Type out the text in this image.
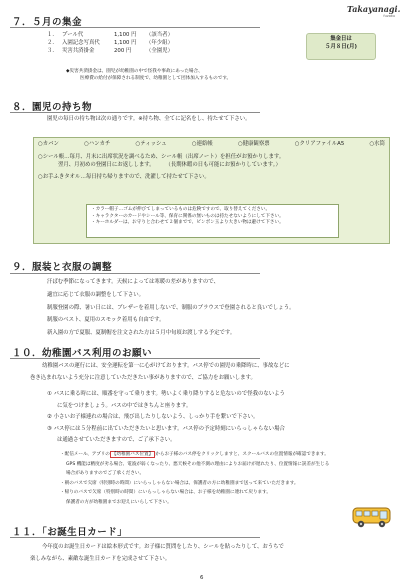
Takayanagi.
fuzoku
７．５月の集金
１． プール代	1,100 円	（該当者）
２． 入園記念写真代	1,100 円	（年少組）
３． 災害共済掛金	200 円	（全園児）
◆災害共済掛金は、園児が幼稚園の中で怪我や事故にあった場合、
医療費の給付が保障される制度で、幼稚園として団体加入するものです。
集金日は
５月８日(月)
８．園児の持ち物
園児の毎日の持ち物は次の通りです。※持ち物、全てに記名をし、持たせて下さい。
○カバン	○ハンカチ	○ティッシュ	○連絡帳	○健康観察票	○クリアファイルA5	○水筒
○シール帳…毎月、月末に出席状況を調べるため、シール帳（出席ノート）を担任がお預かりします。
翌月、月初めの登園日にお返しします。　　　（長期休暇の日も可能にお預かりしています。）
○お手ふきタオル…毎日持ち帰りますので、洗濯して持たせて下さい。
・カラー帽子…ゴムが伸びてしまっているものは危険ですので、取り替えてください。
・キャラクターのカードやシール等、保育に関係の無いものは持たせないようにして下さい。
・キーホルダーは、お守りと合わせて２個までで、ビンボン玉より大きい物は避けて下さい。
９．服装と衣服の調整
汗ばむ季節になってきます。天候によっては寒暖の差がありますので、
適宜に応じて衣服の調整をして下さい。
制服登園の際、暑い日には、ブレザーを着用しないで、制服のブラウスで登園されると良いでしょう。
制服のベスト、夏用のスモック着用も自由です。
新入園の方で夏服、夏制帽を注文された方は５月中旬頃お渡しする予定です。
１０．幼稚園バス利用のお願い
幼稚園バスの運行には、安全運転を第一に心がけております。バス停での園児の乗降時に、事故などに
巻き込まれないよう充分に注意していただきたい事がありますので、ご協力をお願いします。
① バスに乗る時には、順番を守って乗ります。勢いよく乗り降りすると危ないので怪我のないよう
に気をつけましょう。バスの中ではきちんと座ります。
② 小さいお子様連れの場合は、飛び出したりしないよう、しっかり手を繋いで下さい。
③ バス停には５分程前に出ていただきたいと思います。バス停の予定時刻にいらっしゃらない場合
は通過させていただきますので、ご了承下さい。
・配信メール、アプリの 【幼稚園バス位置】 からお子様のバス停をクリックしますと、スクールバスの位置情報が確認できます。
GPS 機能は精度が劣る場合、電波が弱くなったり、悪天候その他不測の理由によりお届けが遅れたり、位置情報に誤差が生じる
場合がありますのでご了承ください。
・朝のバスで欠席（特別時の時間）にいらっしゃらない場合は、保護者の方に幼稚園まで送って来ていただきます。
・帰りのバスで欠席（特別時の時間）にいらっしゃらない場合は、お子様を幼稚園に連れて戻ります。
保護者の方が幼稚園までお迎えにいらして下さい。
１１．「お誕生日カード」
今年度のお誕生日カードは絵本形式です。お子様に質問をしたり、シールを貼ったりして、おうちで
楽しみながら、素敵な誕生日カードを完成させて下さい。
6
